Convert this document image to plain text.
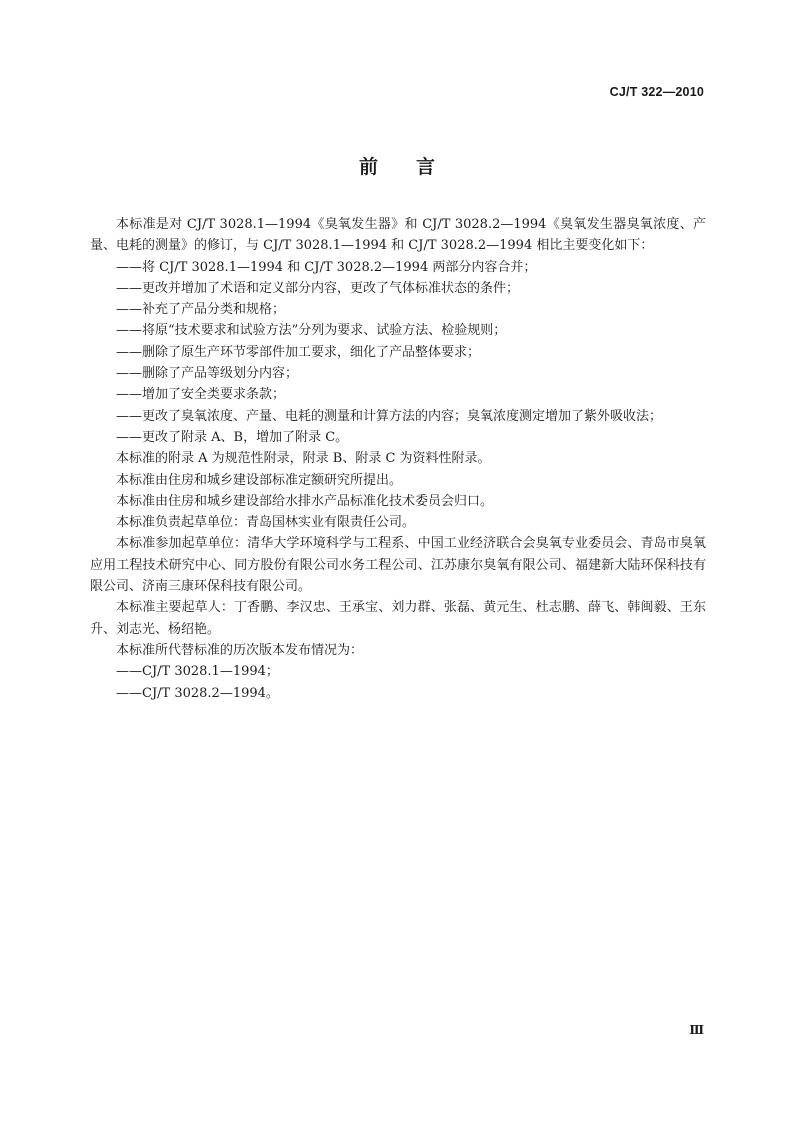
CJ/T 322—2010
前言

本标准是对 CJ/T 3028.1—1994《臭氧发生器》和 CJ/T 3028.2—1994《臭氧发生器臭氧浓度、产量、电耗的测量》的修订，与 CJ/T 3028.1—1994 和 CJ/T 3028.2—1994 相比主要变化如下：

——将 CJ/T 3028.1—1994 和 CJ/T 3028.2—1994 两部分内容合并；

——更改并增加了术语和定义部分内容，更改了气体标准状态的条件；

——补充了产品分类和规格；

——将原“技术要求和试验方法”分列为要求、试验方法、检验规则；

——删除了原生产环节零部件加工要求，细化了产品整体要求；

——删除了产品等级划分内容；

——增加了安全类要求条款；

——更改了臭氧浓度、产量、电耗的测量和计算方法的内容；臭氧浓度测定增加了紫外吸收法；

——更改了附录 A、B，增加了附录 C。

本标准的附录 A 为规范性附录，附录 B、附录 C 为资料性附录。

本标准由住房和城乡建设部标准定额研究所提出。

本标准由住房和城乡建设部给水排水产品标准化技术委员会归口。

本标准负责起草单位：青岛国林实业有限责任公司。

本标准参加起草单位：清华大学环境科学与工程系、中国工业经济联合会臭氧专业委员会、青岛市臭氧应用工程技术研究中心、同方股份有限公司水务工程公司、江苏康尔臭氧有限公司、福建新大陆环保科技有限公司、济南三康环保科技有限公司。

本标准主要起草人：丁香鹏、李汉忠、王承宝、刘力群、张磊、黄元生、杜志鹏、薛飞、韩闽毅、王东升、刘志光、杨绍艳。

本标准所代替标准的历次版本发布情况为：

——CJ/T 3028.1—1994；

——CJ/T 3028.2—1994。

Ⅲ
